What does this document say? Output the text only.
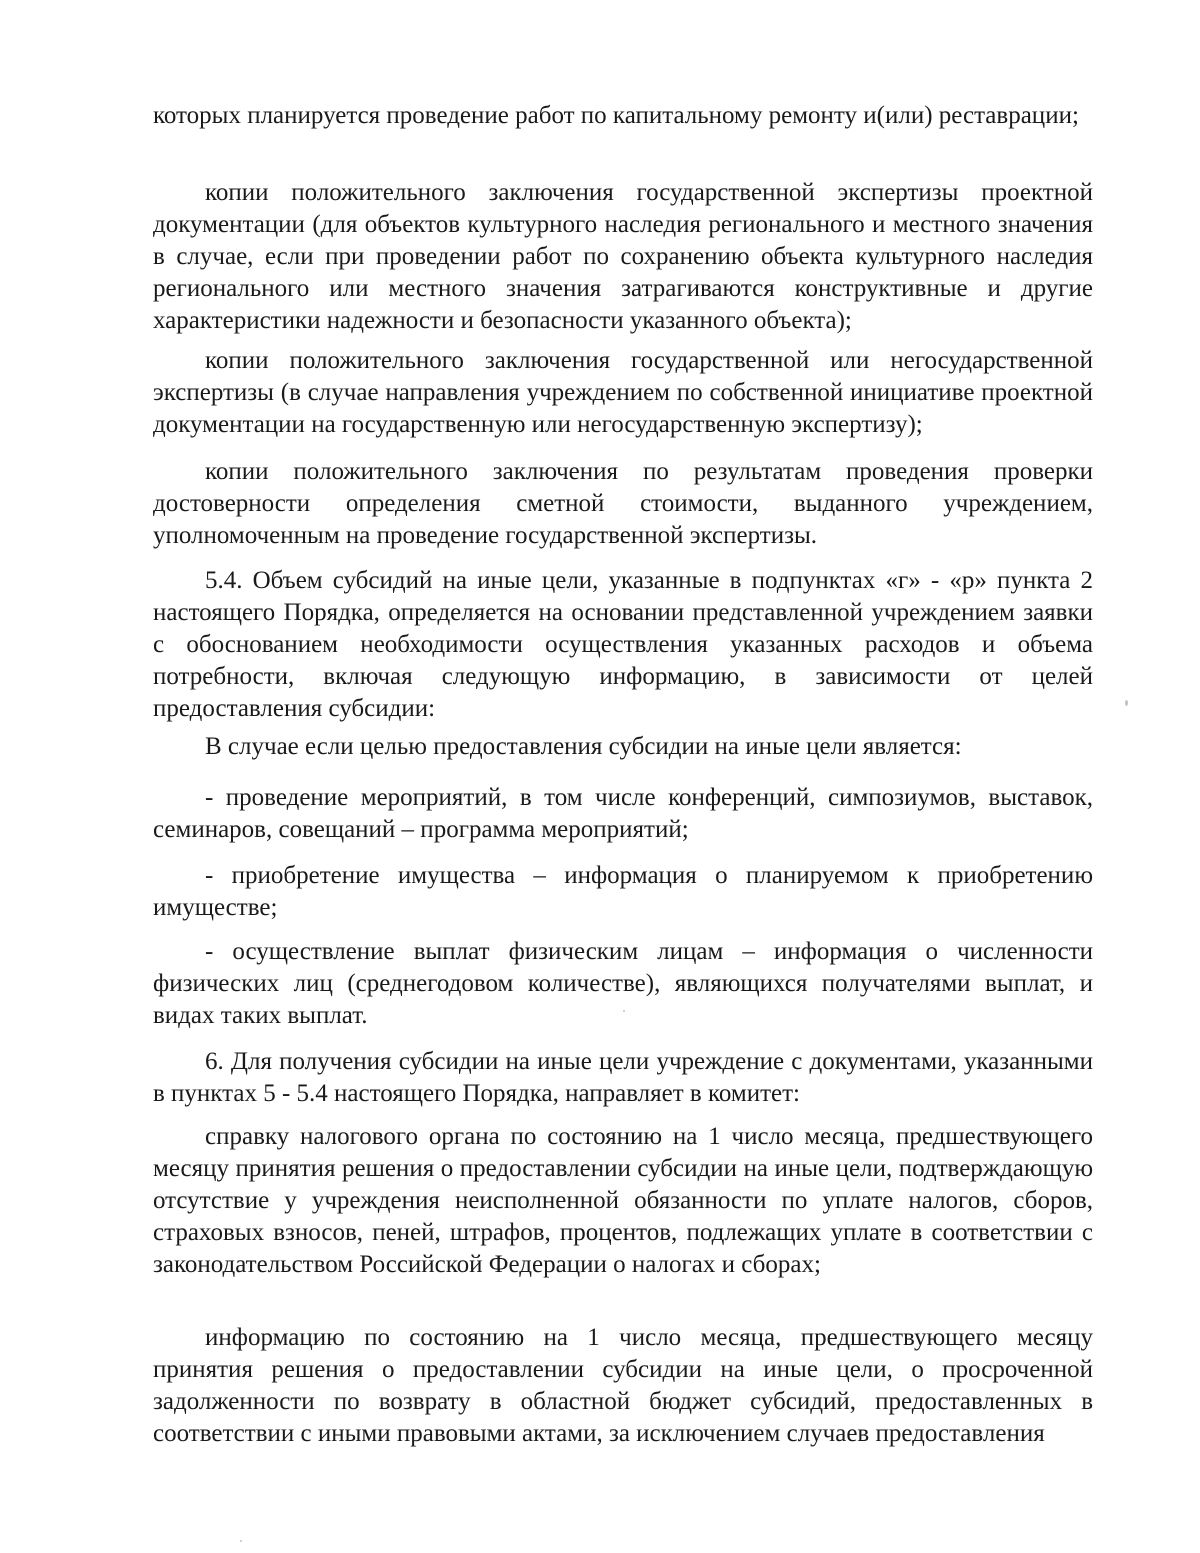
которых планируется проведение работ по капитальному ремонту и(или) реставрации;

копии положительного заключения государственной экспертизы проектной документации (для объектов культурного наследия регионального и местного значения в случае, если при проведении работ по сохранению объекта культурного наследия регионального или местного значения затрагиваются конструктивные и другие характеристики надежности и безопасности указанного объекта);

копии положительного заключения государственной или негосударственной экспертизы (в случае направления учреждением по собственной инициативе проектной документации на государственную или негосударственную экспертизу);

копии положительного заключения по результатам проведения проверки достоверности определения сметной стоимости, выданного учреждением, уполномоченным на проведение государственной экспертизы.

5.4. Объем субсидий на иные цели, указанные в подпунктах «г» - «р» пункта 2 настоящего Порядка, определяется на основании представленной учреждением заявки с обоснованием необходимости осуществления указанных расходов и объема потребности, включая следующую информацию, в зависимости от целей предоставления субсидии:

В случае если целью предоставления субсидии на иные цели является:

- проведение мероприятий, в том числе конференций, симпозиумов, выставок, семинаров, совещаний – программа мероприятий;

- приобретение имущества – информация о планируемом к приобретению имуществе;

- осуществление выплат физическим лицам – информация о численности физических лиц (среднегодовом количестве), являющихся получателями выплат, и видах таких выплат.

6. Для получения субсидии на иные цели учреждение с документами, указанными в пунктах 5 - 5.4 настоящего Порядка, направляет в комитет:

справку налогового органа по состоянию на 1 число месяца, предшествующего месяцу принятия решения о предоставлении субсидии на иные цели, подтверждающую отсутствие у учреждения неисполненной обязанности по уплате налогов, сборов, страховых взносов, пеней, штрафов, процентов, подлежащих уплате в соответствии с законодательством Российской Федерации о налогах и сборах;

информацию по состоянию на 1 число месяца, предшествующего месяцу принятия решения о предоставлении субсидии на иные цели, о просроченной задолженности по возврату в областной бюджет субсидий, предоставленных в соответствии с иными правовыми актами, за исключением случаев предоставления
